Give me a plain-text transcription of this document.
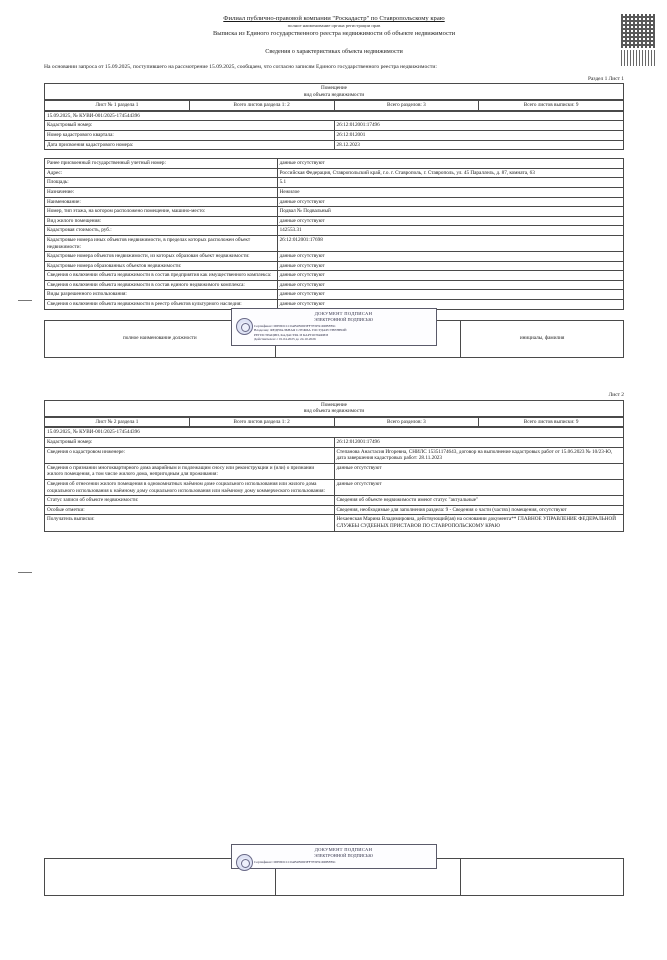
Филиал публично-правовой компании "Роскадастр" по Ставропольскому краю
полное наименование органа регистрации прав
Выписка из Единого государственного реестра недвижимости об объекте недвижимости
Сведения о характеристиках объекта недвижимости
На основании запроса от 15.09.2025, поступившего на рассмотрение 15.09.2025, сообщаем, что согласно записям Единого государственного реестра недвижимости:
Раздел 1 Лист 1
Помещение
вид объекта недвижимости
Лист № 1 раздела 1	Всего листов раздела 1: 2	Всего разделов: 3	Всего листов выписки: 9
15.09.2025, № КУВИ-001/2025-174544396	
Кадастровый номер:	26:12:012001:17496
Номер кадастрового квартала:	26:12:012001
Дата присвоения кадастрового номера:	28.12.2023
Ранее присвоенный государственный учетный номер:	данные отсутствуют
Адрес:	Российская Федерация, Ставропольский край, г.о. г. Ставрополь, г. Ставрополь, ул. 45 Параллель, д. 87, комната, 63
Площадь:	5.1
Назначение:	Нежилое
Наименование:	данные отсутствуют
Номер, тип этажа, на котором расположено помещение, машино-место:	Подвал № Подвальный
Вид жилого помещения:	данные отсутствуют
Кадастровая стоимость, руб.:	142553.31
Кадастровые номера иных объектов недвижимости, в пределах которых расположен объект недвижимости:	26:12:012001:17698
Кадастровые номера объектов недвижимости, из которых образован объект недвижимости:	данные отсутствуют
Кадастровые номера образованных объектов недвижимости:	данные отсутствуют
Сведения о включении объекта недвижимости в состав предприятия как имущественного комплекса:	данные отсутствуют
Сведения о включении объекта недвижимости в состав единого недвижимого комплекса:	данные отсутствуют
Виды разрешенного использования:	данные отсутствуют
Сведения о включении объекта недвижимости в реестр объектов культурного наследия:	данные отсутствуют
полное наименование должности		инициалы, фамилия
ДОКУМЕНТ ПОДПИСАН
ЭЛЕКТРОННОЙ ПОДПИСЬЮ
Сертификат: 00Е8DC1C0AB2B0D3FF7E5E91D0BF891
Владелец: ФЕДЕРАЛЬНАЯ СЛУЖБА ГОСУДАРСТВЕННОЙ
РЕГИСТРАЦИИ, КАДАСТРА И КАРТОГРАФИИ
Действителен: с 01.04.2025 до 24.10.2026
Лист 2
Помещение
вид объекта недвижимости
Лист № 2 раздела 1	Всего листов раздела 1: 2	Всего разделов: 3	Всего листов выписки: 9
15.09.2025, № КУВИ-001/2025-174544396	
Кадастровый номер:	26:12:012001:17496
Сведения о кадастровом инженере:	Степанова Анастасия Игоревна, СНИЛС 15351174643, договор на выполнение кадастровых работ от 15.06.2023 № 10/23-Ю, дата завершения кадастровых работ: 28.11.2023
Сведения о признании многоквартирного дома аварийным и подлежащим сносу или реконструкции и (или) о признании жилого помещения, а том числе жилого дома, непригодным для проживания:	данные отсутствуют
Сведения об отнесении жилого помещения в однокомнатных наёмном доме социального использования или жилого дома социального использования к наёмному дому социального использования или наёмному дому коммерческого использования:	данные отсутствуют
Статус записи об объекте недвижимости:	Сведения об объекте недвижимости имеют статус "актуальные"
Особые отметки:	Сведения, необходимые для заполнения раздела: 9 - Сведения о части (частях) помещения, отсутствуют
Получатель выписки:	Нехаенская Марина Владимировна, действующий(ая) на основании документа** ГЛАВНОЕ УПРАВЛЕНИЕ ФЕДЕРАЛЬНОЙ СЛУЖБЫ СУДЕБНЫХ ПРИСТАВОВ ПО СТАВРОПОЛЬСКОМУ КРАЮ

ДОКУМЕНТ ПОДПИСАН
ЭЛЕКТРОННОЙ ПОДПИСЬЮ
Сертификат: 00Е8DC1C0AB2B0D3FF7E5E91D0BF891
